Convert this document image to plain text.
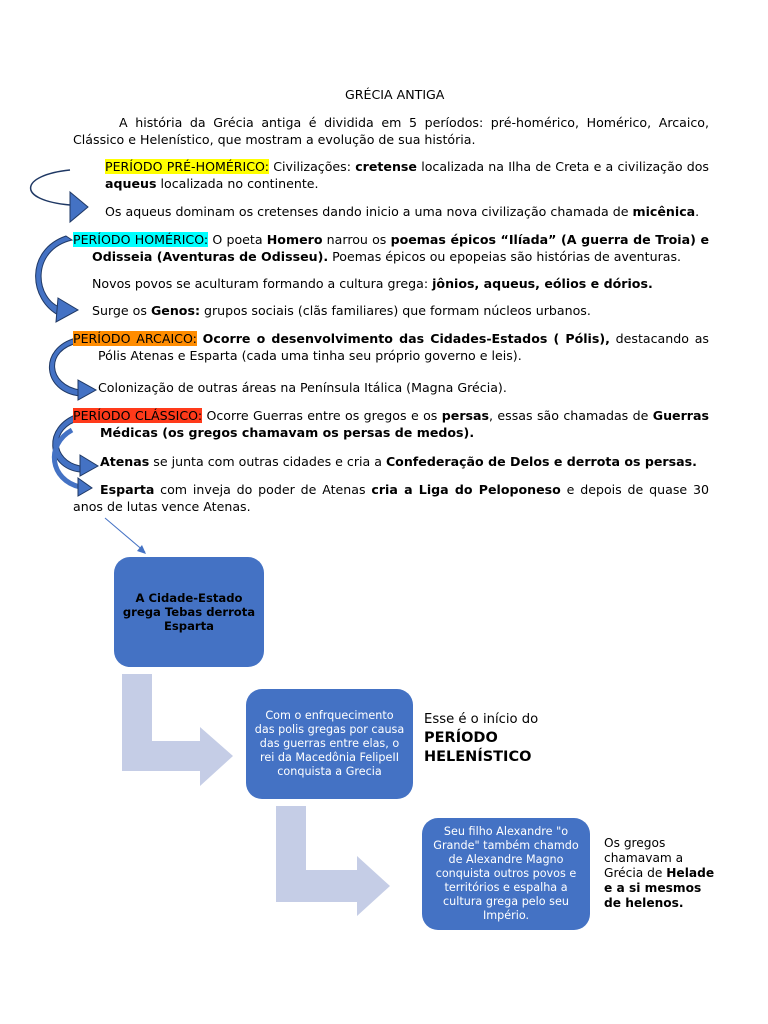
GRÉCIA ANTIGA
A história da Grécia antiga é dividida em 5 períodos: pré-homérico, Homérico, Arcaico, Clássico e Helenístico, que mostram a evolução de sua história.
PERÍODO PRÉ-HOMÉRICO: Civilizações: cretense localizada na Ilha de Creta e a civilização dos aqueus localizada no continente.
Os aqueus dominam os cretenses dando inicio a uma nova civilização chamada de micênica.
PERÍODO HOMÉRICO: O poeta Homero narrou os poemas épicos “Ilíada” (A guerra de Troia) e Odisseia (Aventuras de Odisseu). Poemas épicos ou epopeias são histórias de aventuras.
Novos povos se aculturam formando a cultura grega: jônios, aqueus, eólios e dórios.
Surge os Genos: grupos sociais (clãs familiares) que formam núcleos urbanos.
PERÍODO ARCAICO: Ocorre o desenvolvimento das Cidades-Estados ( Pólis), destacando as Pólis Atenas e Esparta (cada uma tinha seu próprio governo e leis).
Colonização de outras áreas na Península Itálica (Magna Grécia).
PERÍODO CLÁSSICO: Ocorre Guerras entre os gregos e os persas, essas são chamadas de Guerras Médicas (os gregos chamavam os persas de medos).
Atenas se junta com outras cidades e cria a Confederação de Delos e derrota os persas.
Esparta com inveja do poder de Atenas cria a Liga do Peloponeso e depois de quase 30 anos de lutas vence Atenas.
A Cidade-Estado grega Tebas derrota Esparta
Com o enfrquecimento das polis gregas por causa das guerras entre elas, o rei da Macedônia FelipeII conquista a Grecia
Seu filho Alexandre "o Grande" também chamdo de Alexandre Magno conquista outros povos e territórios e espalha a cultura grega pelo seu Império.
Esse é o início do
PERÍODO HELENÍSTICO
Os gregos chamavam a Grécia de Helade e a si mesmos de helenos.
